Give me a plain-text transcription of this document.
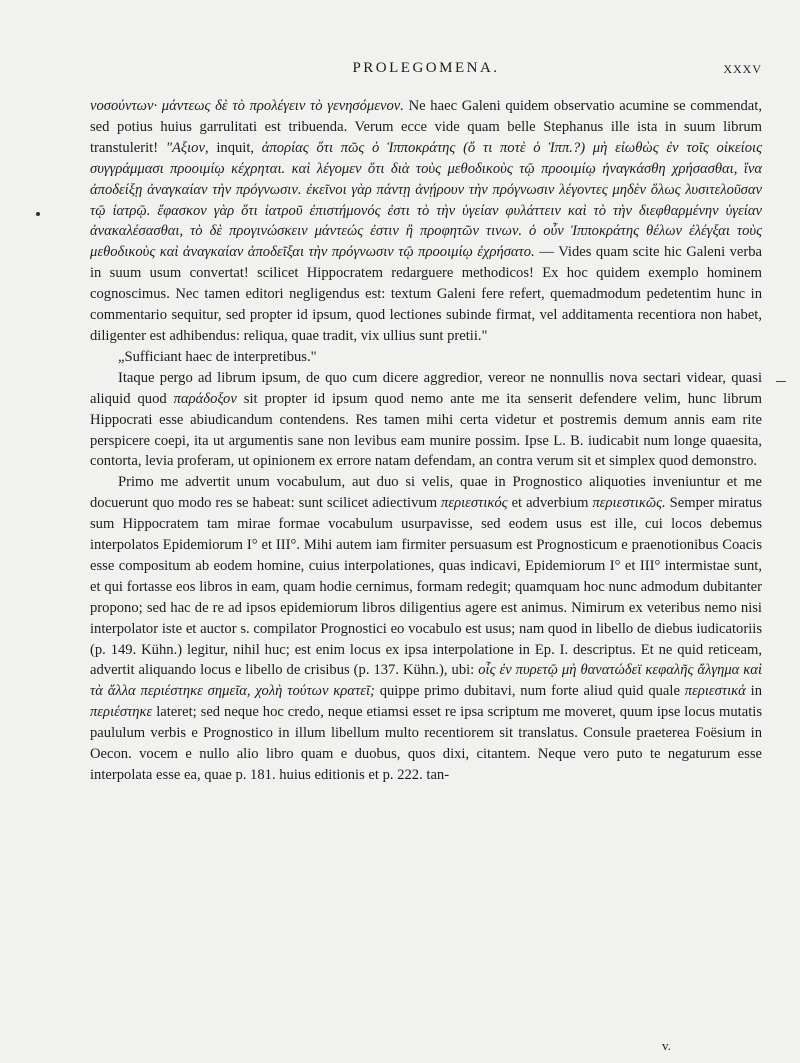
PROLEGOMENA.	XXXV

νοσούντων· μάντεως δὲ τὸ προλέγειν τὸ γενησόμενον. Ne haec Galeni quidem observatio acumine se commendat, sed potius huius garrulitati est tribuenda. Verum ecce vide quam belle Stephanus ille ista in suum librum transtulerit! "Αξιον, inquit, ἀπορίας ὅτι πῶς ὁ Ἱπποκράτης (ὅ τι ποτὲ ὁ Ἱππ.?) μὴ εἰωθὼς ἐν τοῖς οἰκείοις συγγράμμασι προοιμίῳ κέχρηται. καὶ λέγομεν ὅτι διὰ τοὺς μεθοδικοὺς τῷ προοιμίῳ ἠναγκάσθη χρήσασθαι, ἵνα ἀποδείξῃ ἀναγκαίαν τὴν πρόγνωσιν. ἐκεῖνοι γὰρ πάντῃ ἀνῄρουν τὴν πρόγνωσιν λέγοντες μηδὲν ὅλως λυσιτελοῦσαν τῷ ἰατρῷ. ἔφασκον γὰρ ὅτι ἰατροῦ ἐπιστήμονός ἐστι τὸ τὴν ὑγείαν φυλάττειν καὶ τὸ τὴν διεφθαρμένην ὑγείαν ἀνακαλέσασθαι, τὸ δὲ προγινώσκειν μάντεώς ἐστιν ἢ προφητῶν τινων. ὁ οὖν Ἱπποκράτης θέλων ἐλέγξαι τοὺς μεθοδικοὺς καὶ ἀναγκαίαν ἀποδεῖξαι τὴν πρόγνωσιν τῷ προοιμίῳ ἐχρήσατο. — Vides quam scite hic Galeni verba in suum usum convertat! scilicet Hippocratem redarguere methodicos! Ex hoc quidem exemplo hominem cognoscimus. Nec tamen editori negligendus est: textum Galeni fere refert, quemadmodum pedetentim hunc in commentario sequitur, sed propter id ipsum, quod lectiones subinde firmat, vel additamenta recentiora non habet, diligenter est adhibendus: reliqua, quae tradit, vix ullius sunt pretii."

„Sufficiant haec de interpretibus."

Itaque pergo ad librum ipsum, de quo cum dicere aggredior, vereor ne nonnullis nova sectari videar, quasi aliquid quod παράδοξον sit propter id ipsum quod nemo ante me ita senserit defendere velim, hunc librum Hippocrati esse abiudicandum contendens. Res tamen mihi certa videtur et postremis demum annis eam rite perspicere coepi, ita ut argumentis sane non levibus eam munire possim. Ipse L. B. iudicabit num longe quaesita, contorta, levia proferam, ut opinionem ex errore natam defendam, an contra verum sit et simplex quod demonstro.

Primo me advertit unum vocabulum, aut duo si velis, quae in Prognostico aliquoties inveniuntur et me docuerunt quo modo res se habeat: sunt scilicet adiectivum περιεστικός et adverbium περιεστικῶς. Semper miratus sum Hippocratem tam mirae formae vocabulum usurpavisse, sed eodem usus est ille, cui locos debemus interpolatos Epidemiorum I° et III°. Mihi autem iam firmiter persuasum est Prognosticum e praenotionibus Coacis esse compositum ab eodem homine, cuius interpolationes, quas indicavi, Epidemiorum I° et III° intermistae sunt, et qui fortasse eos libros in eam, quam hodie cernimus, formam redegit; quamquam hoc nunc admodum dubitanter propono; sed hac de re ad ipsos epidemiorum libros diligentius agere est animus. Nimirum ex veteribus nemo nisi interpolator iste et auctor s. compilator Prognostici eo vocabulo est usus; nam quod in libello de diebus iudicatoriis (p. 149. Kühn.) legitur, nihil huc; est enim locus ex ipsa interpolatione in Ep. I. descriptus. Et ne quid reticeam, advertit aliquando locus e libello de crisibus (p. 137. Kühn.), ubi: οἷς ἐν πυρετῷ μὴ θανατώδεϊ κεφαλῆς ἄλγημα καὶ τὰ ἄλλα περιέστηκε σημεῖα, χολὴ τούτων κρατεῖ; quippe primo dubitavi, num forte aliud quid quale περιεστικά in περιέστηκε lateret; sed neque hoc credo, neque etiamsi esset re ipsa scriptum me moveret, quum ipse locus mutatis paululum verbis e Prognostico in illum libellum multo recentiorem sit translatus. Consule praeterea Foësium in Oecon. vocem e nullo alio libro quam e duobus, quos dixi, citantem. Neque vero puto te negaturum esse interpolata esse ea, quae p. 181. huius editionis et p. 222. tan-

v.
